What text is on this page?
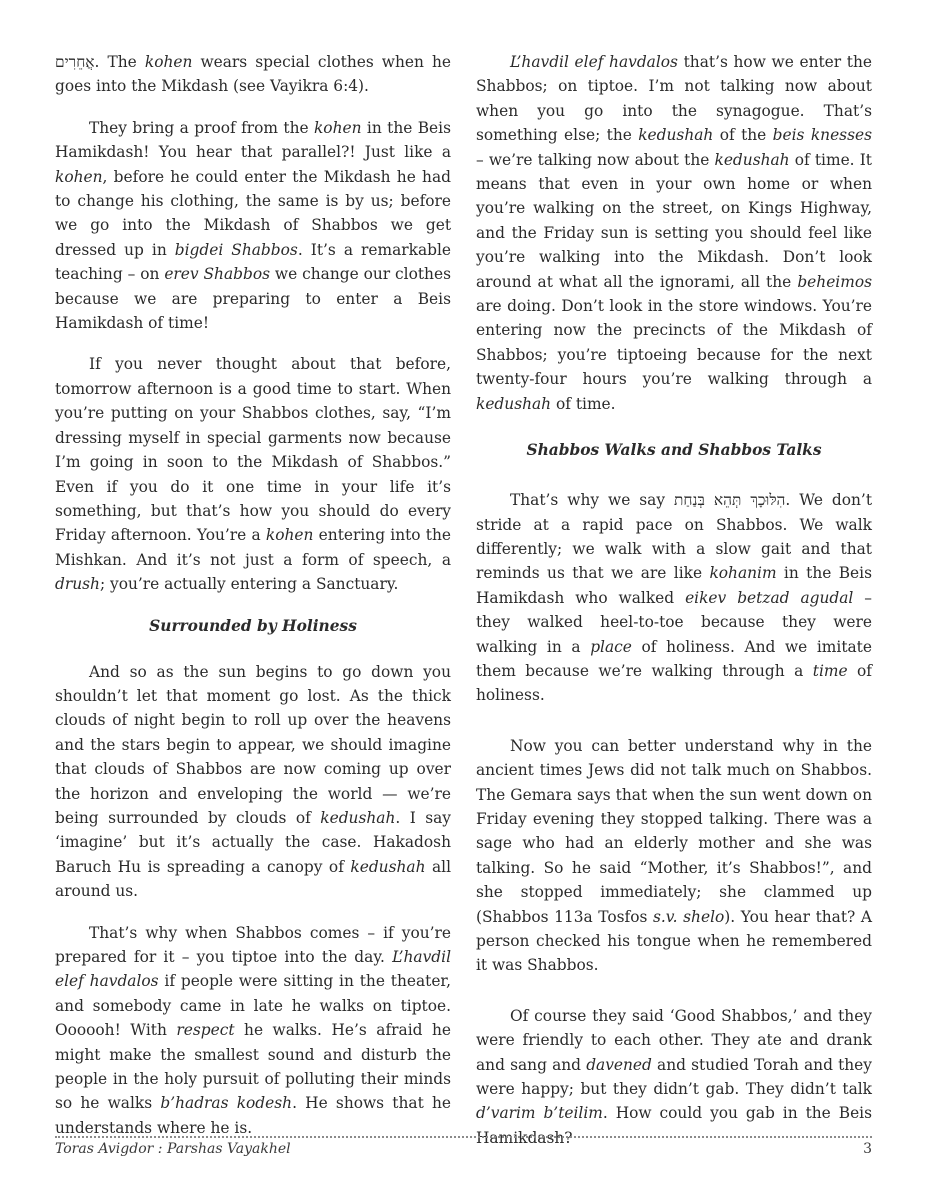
אֲחֵרִים. The kohen wears special clothes when he goes into the Mikdash (see Vayikra 6:4).

They bring a proof from the kohen in the Beis Hamikdash! You hear that parallel?! Just like a kohen, before he could enter the Mikdash he had to change his clothing, the same is by us; before we go into the Mikdash of Shabbos we get dressed up in bigdei Shabbos. It’s a remarkable teaching – on erev Shabbos we change our clothes because we are preparing to enter a Beis Hamikdash of time!

If you never thought about that before, tomorrow afternoon is a good time to start. When you’re putting on your Shabbos clothes, say, “I’m dressing myself in special garments now because I’m going in soon to the Mikdash of Shabbos.” Even if you do it one time in your life it’s something, but that’s how you should do every Friday afternoon. You’re a kohen entering into the Mishkan. And it’s not just a form of speech, a drush; you’re actually entering a Sanctuary.

Surrounded by Holiness

And so as the sun begins to go down you shouldn’t let that moment go lost. As the thick clouds of night begin to roll up over the heavens and the stars begin to appear, we should imagine that clouds of Shabbos are now coming up over the horizon and enveloping the world — we’re being surrounded by clouds of kedushah. I say ‘imagine’ but it’s actually the case. Hakadosh Baruch Hu is spreading a canopy of kedushah all around us.

That’s why when Shabbos comes – if you’re prepared for it – you tiptoe into the day. L’havdil elef havdalos if people were sitting in the theater, and somebody came in late he walks on tiptoe. Oooooh! With respect he walks. He’s afraid he might make the smallest sound and disturb the people in the holy pursuit of polluting their minds so he walks b’hadras kodesh. He shows that he understands where he is.

L’havdil elef havdalos that’s how we enter the Shabbos; on tiptoe. I’m not talking now about when you go into the synagogue. That’s something else; the kedushah of the beis knesses – we’re talking now about the kedushah of time. It means that even in your own home or when you’re walking on the street, on Kings Highway, and the Friday sun is setting you should feel like you’re walking into the Mikdash. Don’t look around at what all the ignorami, all the beheimos are doing. Don’t look in the store windows. You’re entering now the precincts of the Mikdash of Shabbos; you’re tiptoeing because for the next twenty-four hours you’re walking through a kedushah of time.

Shabbos Walks and Shabbos Talks

That’s why we say הִלּוּכָךְ תְּהֵא בְּנַחַת. We don’t stride at a rapid pace on Shabbos. We walk differently; we walk with a slow gait and that reminds us that we are like kohanim in the Beis Hamikdash who walked eikev betzad agudal – they walked heel-to-toe because they were walking in a place of holiness. And we imitate them because we’re walking through a time of holiness.

Now you can better understand why in the ancient times Jews did not talk much on Shabbos. The Gemara says that when the sun went down on Friday evening they stopped talking. There was a sage who had an elderly mother and she was talking. So he said “Mother, it’s Shabbos!”, and she stopped immediately; she clammed up (Shabbos 113a Tosfos s.v. shelo). You hear that? A person checked his tongue when he remembered it was Shabbos.

Of course they said ‘Good Shabbos,’ and they were friendly to each other. They ate and drank and sang and davened and studied Torah and they were happy; but they didn’t gab. They didn’t talk d’varim b’teilim. How could you gab in the Beis Hamikdash?

Toras Avigdor : Parshas Vayakhel	3
